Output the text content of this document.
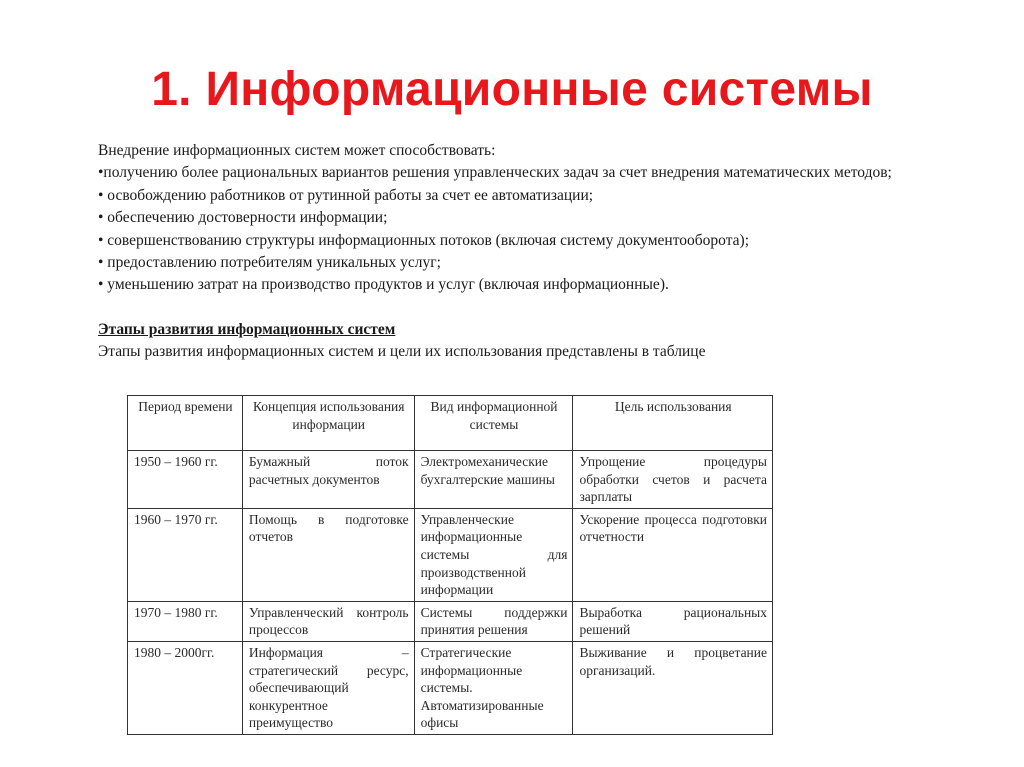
1. Информационные системы

Внедрение информационных систем может способствовать:

•получению более рациональных вариантов решения управленческих задач за счет внедрения математических методов;

• освобождению работников от рутинной работы за счет ее автоматизации;

• обеспечению достоверности информации;

• совершенствованию структуры информационных потоков (включая систему документооборота);

• предоставлению потребителям уникальных услуг;

• уменьшению затрат на производство продуктов и услуг (включая информационные).

Этапы развития информационных систем

Этапы развития информационных систем и цели их использования представлены в таблице

Период времени	Концепция использования информации	Вид информационной системы	Цель использования
1950 – 1960 гг.	Бумажный поток расчетных документов	Электромеханические бухгалтерские машины	Упрощение процедуры обработки счетов и расчета зарплаты
1960 – 1970 гг.	Помощь в подготовке отчетов	Управленческие информационные системы для производственной информации	Ускорение процесса подготовки отчетности
1970 – 1980 гг.	Управленческий контроль процессов	Системы поддержки принятия решения	Выработка рациональных решений
1980 – 2000гг.	Информация – стратегический ресурс, обеспечивающий конкурентное преимущество	Стратегические информационные системы. Автоматизированные офисы	Выживание и процветание организаций.
